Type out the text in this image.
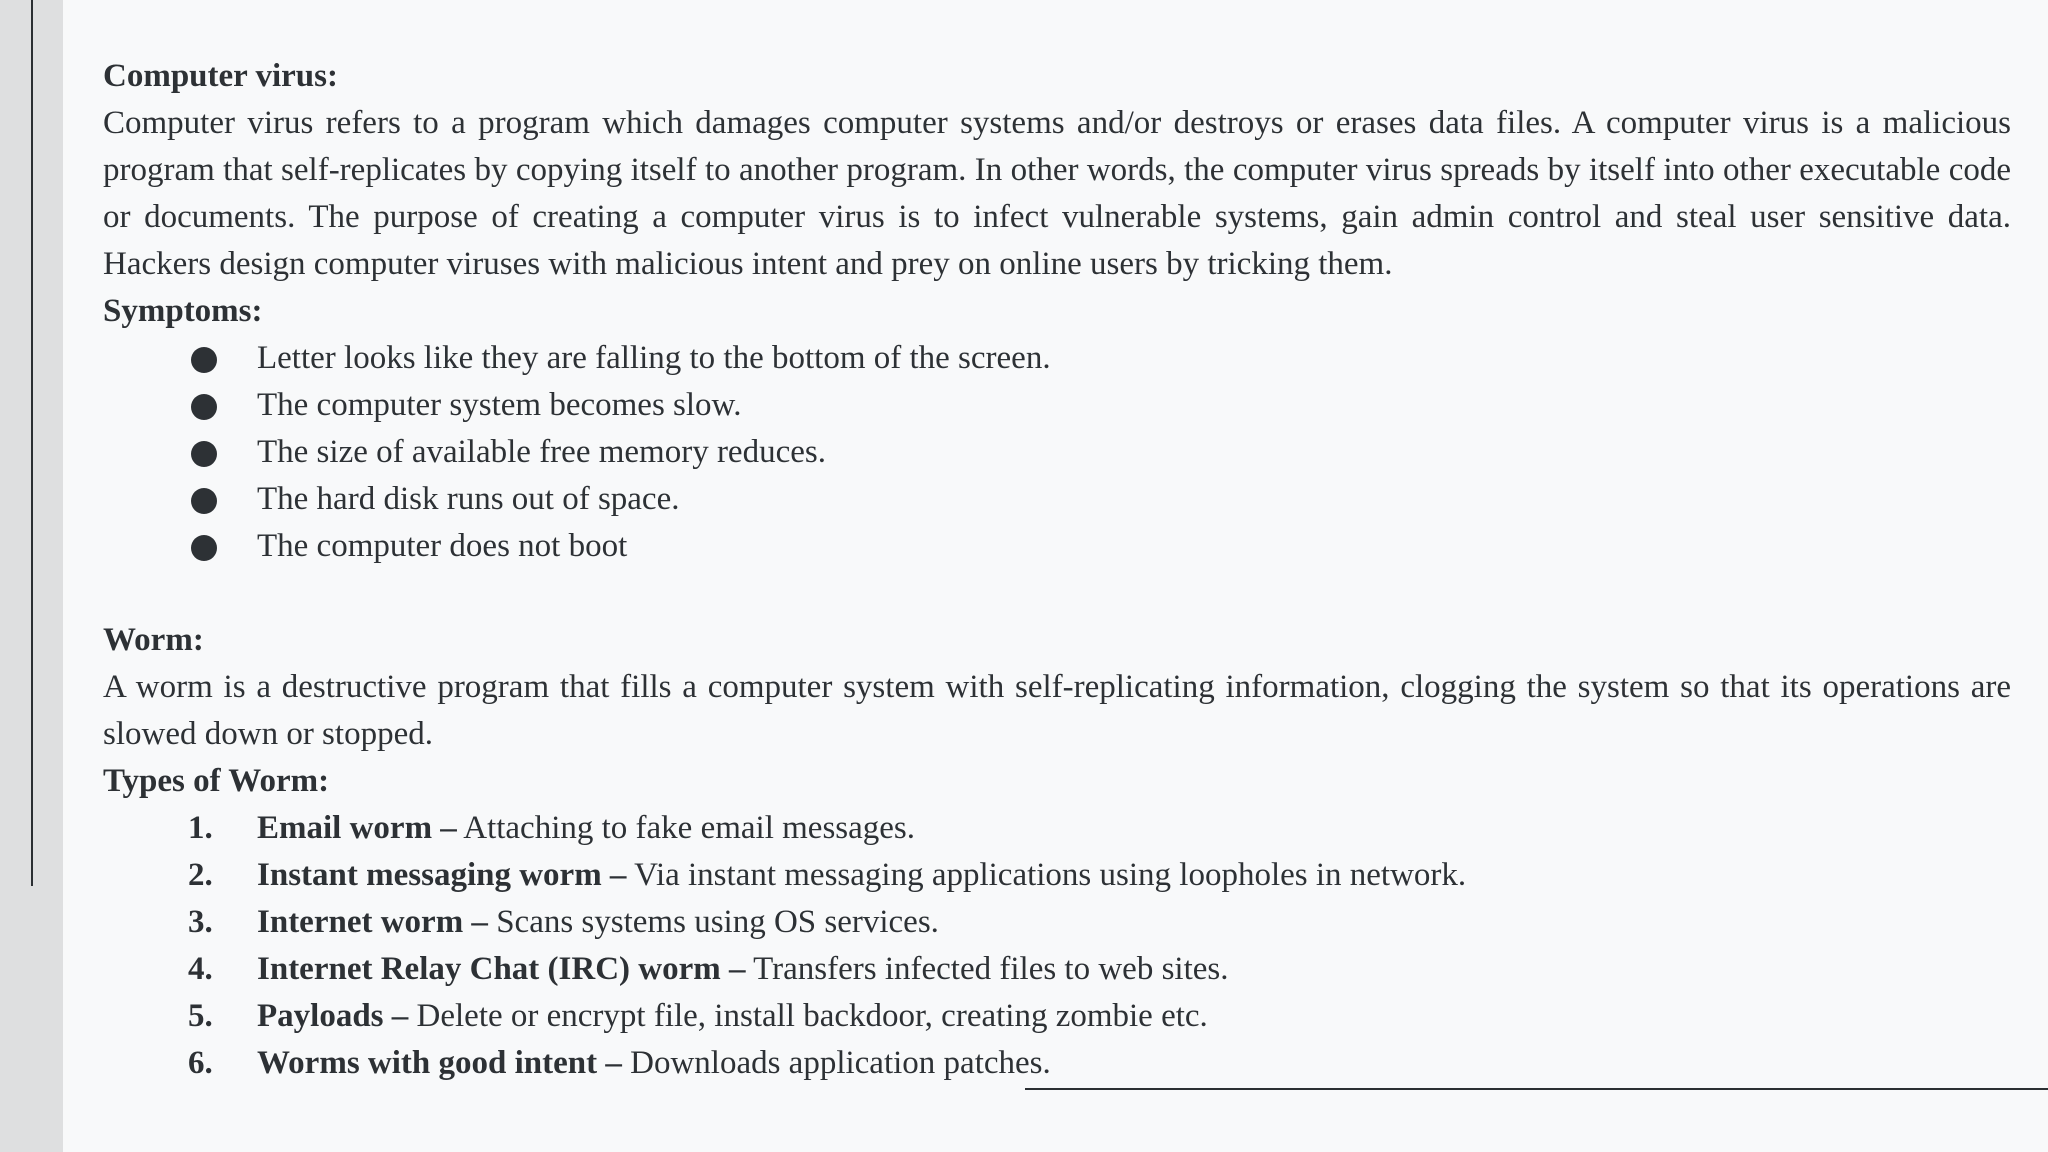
Computer virus:

Computer virus refers to a program which damages computer systems and/or destroys or erases data files. A computer virus is a malicious program that self-replicates by copying itself to another program. In other words, the computer virus spreads by itself into other executable code or documents. The purpose of creating a computer virus is to infect vulnerable systems, gain admin control and steal user sensitive data. Hackers design computer viruses with malicious intent and prey on online users by tricking them.

Symptoms:

Letter looks like they are falling to the bottom of the screen.
The computer system becomes slow.
The size of available free memory reduces.
The hard disk runs out of space.
The computer does not boot

Worm:

A worm is a destructive program that fills a computer system with self-replicating information, clogging the system so that its operations are slowed down or stopped.

Types of Worm:

1. Email worm – Attaching to fake email messages.
2. Instant messaging worm – Via instant messaging applications using loopholes in network.
3. Internet worm – Scans systems using OS services.
4. Internet Relay Chat (IRC) worm – Transfers infected files to web sites.
5. Payloads – Delete or encrypt file, install backdoor, creating zombie etc.
6. Worms with good intent – Downloads application patches.
